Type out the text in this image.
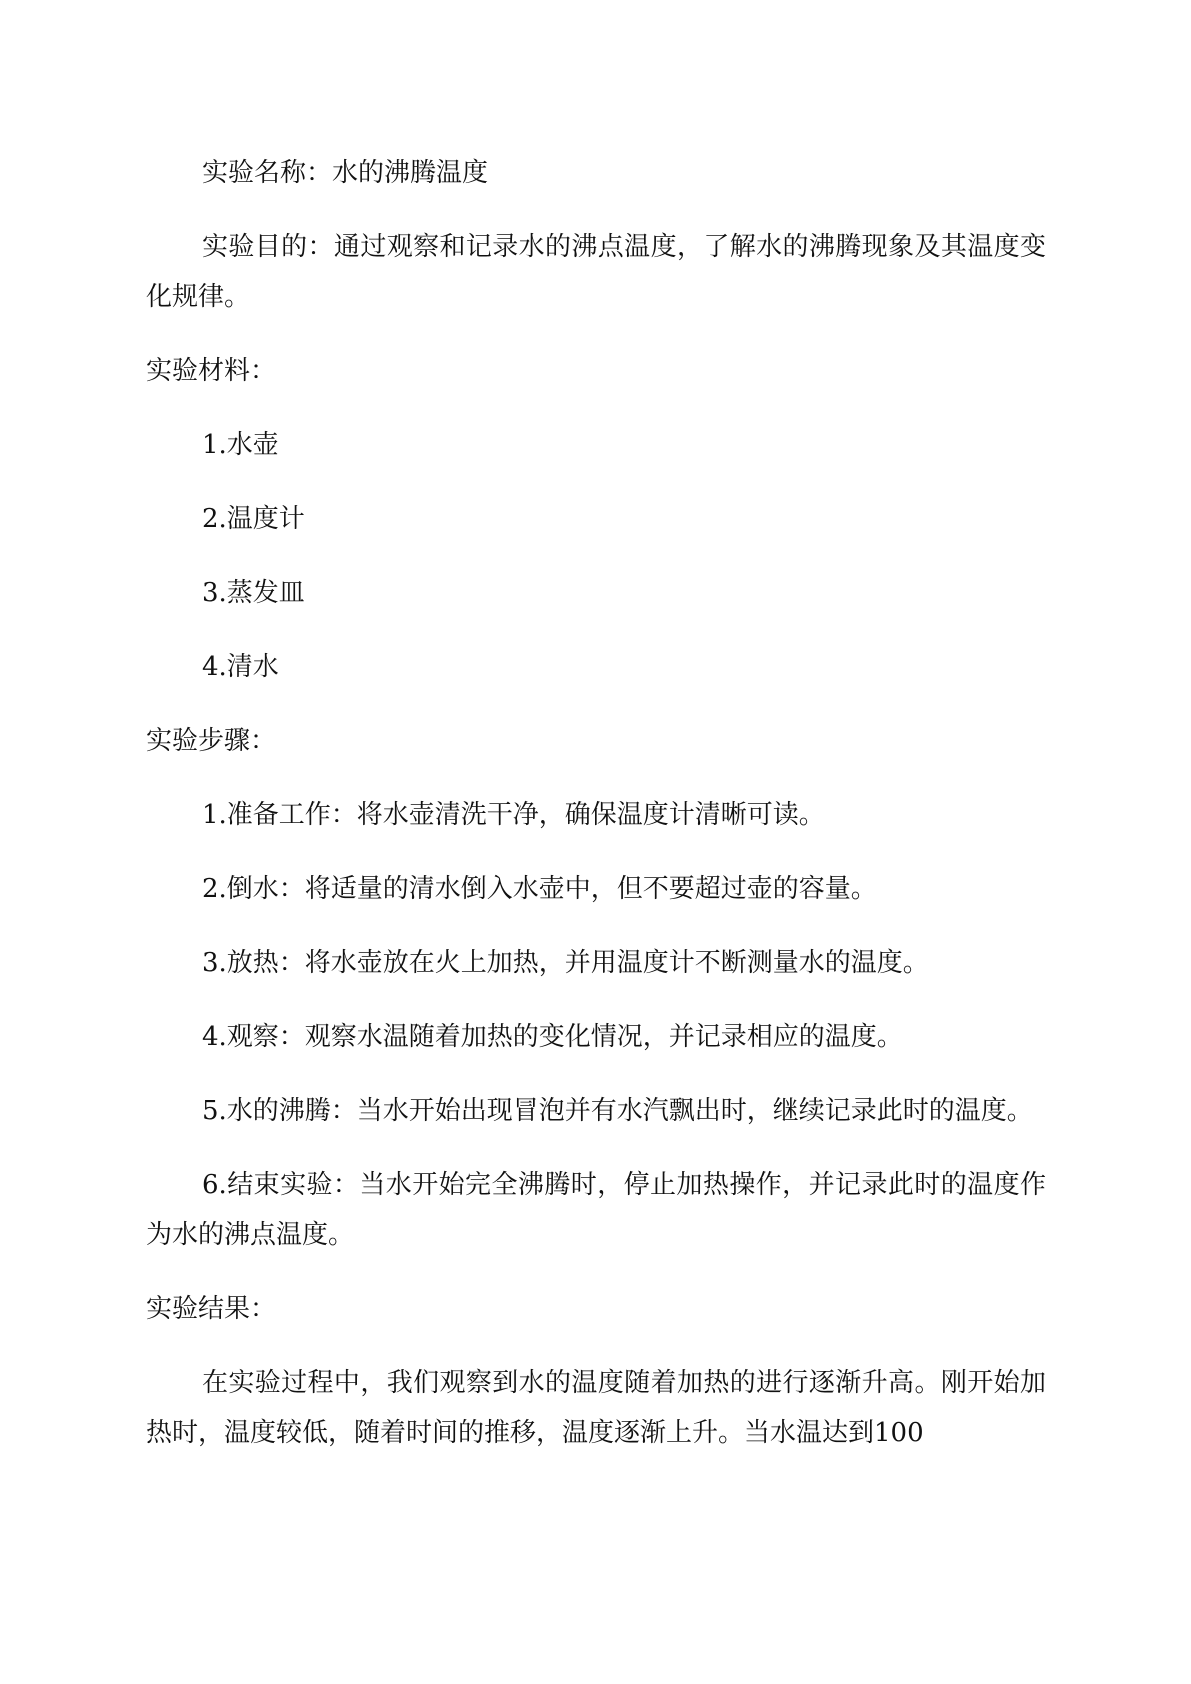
实验名称：水的沸腾温度

实验目的：通过观察和记录水的沸点温度，了解水的沸腾现象及其温度变化规律。

实验材料：

1.水壶

2.温度计

3.蒸发皿

4.清水

实验步骤：

1.准备工作：将水壶清洗干净，确保温度计清晰可读。

2.倒水：将适量的清水倒入水壶中，但不要超过壶的容量。

3.放热：将水壶放在火上加热，并用温度计不断测量水的温度。

4.观察：观察水温随着加热的变化情况，并记录相应的温度。

5.水的沸腾：当水开始出现冒泡并有水汽飘出时，继续记录此时的温度。

6.结束实验：当水开始完全沸腾时，停止加热操作，并记录此时的温度作为水的沸点温度。

实验结果：

在实验过程中，我们观察到水的温度随着加热的进行逐渐升高。刚开始加热时，温度较低，随着时间的推移，温度逐渐上升。当水温达到100
